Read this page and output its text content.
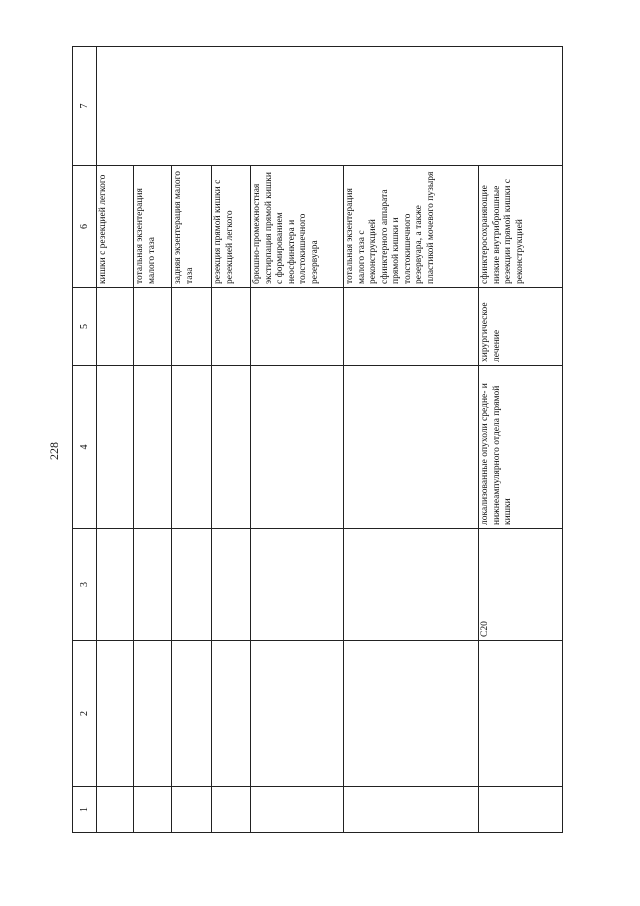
228
1	2	3	4	5	6	7
					кишки с резекцией легкого	
					тотальная экзентерация малого таза	
					задняя экзентерация малого таза	
					резекция прямой кишки с резекцией легкого	
					брюшно-промежностная экстирпация прямой кишки с формированием неосфинктера и толстокишечного резервуара	
					тотальная экзентерация малого таза с реконструкцией сфинктерного аппарата прямой кишки и толстокишечного резервуара, а также пластикой мочевого пузыря	
		C20	локализованные опухоли средне- и нижнеампулярного отдела прямой кишки	хирургическое лечение	сфинктеросохраняющие низкие внутрибрюшные резекции прямой кишки с реконструкцией	
